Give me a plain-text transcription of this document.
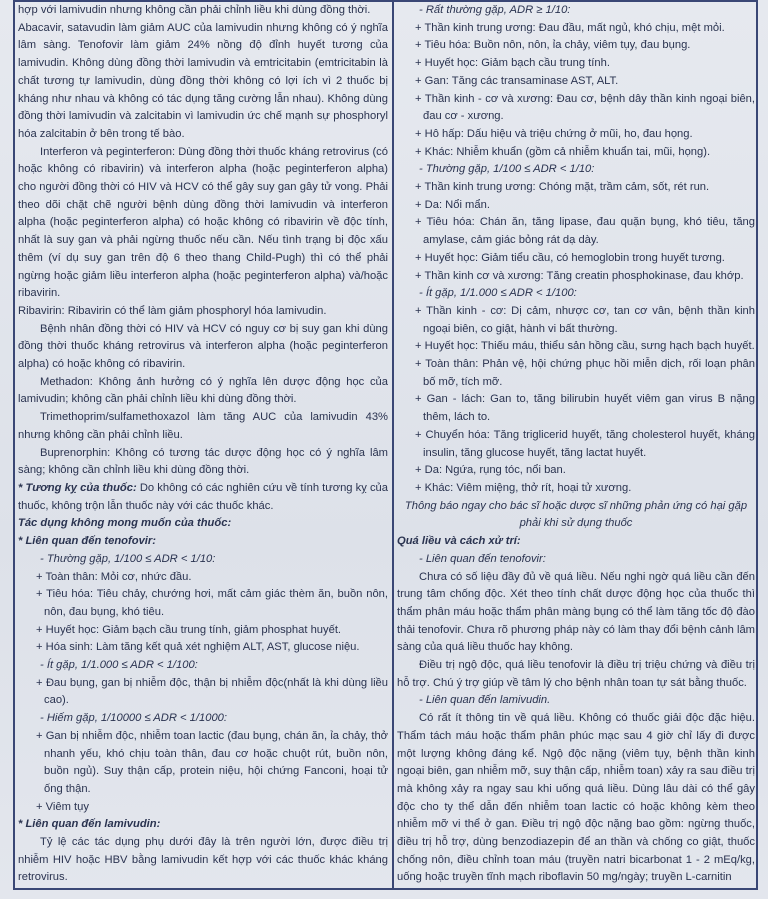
hợp với lamivudin nhưng không cần phải chỉnh liều khi dùng đồng thời.

Abacavir, satavudin làm giảm AUC của lamivudin nhưng không có ý nghĩa lâm sàng. Tenofovir làm giảm 24% nồng độ đỉnh huyết tương của lamivudin. Không dùng đồng thời lamivudin và emtricitabin (emtricitabin là chất tương tự lamivudin, dùng đồng thời không có lợi ích vì 2 thuốc bị kháng như nhau và không có tác dụng tăng cường lẫn nhau). Không dùng đồng thời lamivudin và zalcitabin vì lamivudin ức chế mạnh sự phosphoryl hóa zalcitabin ở bên trong tế bào.

Interferon và peginterferon: Dùng đồng thời thuốc kháng retrovirus (có hoặc không có ribavirin) và interferon alpha (hoặc peginterferon alpha) cho người đồng thời có HIV và HCV có thể gây suy gan gây tử vong. Phải theo dõi chặt chẽ người bệnh dùng đồng thời lamivudin và interferon alpha (hoặc peginterferon alpha) có hoặc không có ribavirin về độc tính, nhất là suy gan và phải ngừng thuốc nếu cần. Nếu tình trạng bị độc xấu thêm (ví dụ suy gan trên độ 6 theo thang Child-Pugh) thì có thể phải ngừng hoặc giảm liều interferon alpha (hoặc peginterferon alpha) và/hoặc ribavirin.

Ribavirin: Ribavirin có thể làm giảm phosphoryl hóa lamivudin.

Bệnh nhân đồng thời có HIV và HCV có nguy cơ bị suy gan khi dùng đồng thời thuốc kháng retrovirus và interferon alpha (hoặc peginterferon alpha) có hoặc không có ribavirin.

Methadon: Không ảnh hưởng có ý nghĩa lên dược động học của lamivudin; không cần phải chỉnh liều khi dùng đồng thời.

Trimethoprim/sulfamethoxazol làm tăng AUC của lamivudin 43% nhưng không cần phải chỉnh liều.

Buprenorphin: Không có tương tác dược động học có ý nghĩa lâm sàng; không cần chỉnh liều khi dùng đồng thời.

* Tương kỵ của thuốc: Do không có các nghiên cứu về tính tương kỵ của thuốc, không trộn lẫn thuốc này với các thuốc khác.

Tác dụng không mong muốn của thuốc:

* Liên quan đến tenofovir:

- Thường gặp, 1/100 ≤ ADR < 1/10:

+ Toàn thân: Mỏi cơ, nhức đầu.

+ Tiêu hóa: Tiêu chảy, chướng hơi, mất cảm giác thèm ăn, buồn nôn, nôn, đau bụng, khó tiêu.

+ Huyết học: Giảm bạch cầu trung tính, giảm phosphat huyết.

+ Hóa sinh: Làm tăng kết quả xét nghiệm ALT, AST, glucose niệu.

- Ít gặp, 1/1.000 ≤ ADR < 1/100:

+ Đau bụng, gan bị nhiễm độc, thận bị nhiễm độc(nhất là khi dùng liều cao).

- Hiếm gặp, 1/10000 ≤ ADR < 1/1000:

+ Gan bị nhiễm độc, nhiễm toan lactic (đau bụng, chán ăn, ỉa chảy, thở nhanh yếu, khó chịu toàn thân, đau cơ hoặc chuột rút, buồn nôn, buồn ngủ). Suy thận cấp, protein niệu, hội chứng Fanconi, hoại tử ống thận.

+ Viêm tụy

* Liên quan đến lamivudin:

Tỷ lệ các tác dụng phụ dưới đây là trên người lớn, được điều trị nhiễm HIV hoặc HBV bằng lamivudin kết hợp với các thuốc khác kháng retrovirus.

- Rất thường gặp, ADR ≥ 1/10:

+ Thần kinh trung ương: Đau đầu, mất ngủ, khó chịu, mệt mỏi.

+ Tiêu hóa: Buồn nôn, nôn, ỉa chảy, viêm tụy, đau bụng.

+ Huyết học: Giảm bạch cầu trung tính.

+ Gan: Tăng các transaminase AST, ALT.

+ Thần kinh - cơ và xương: Đau cơ, bệnh dây thần kinh ngoại biên, đau cơ - xương.

+ Hô hấp: Dấu hiệu và triệu chứng ở mũi, ho, đau họng.

+ Khác: Nhiễm khuẩn (gồm cả nhiễm khuẩn tai, mũi, họng).

- Thường gặp, 1/100 ≤ ADR < 1/10:

+ Thần kinh trung ương: Chóng mặt, trầm cảm, sốt, rét run.

+ Da: Nổi mẩn.

+ Tiêu hóa: Chán ăn, tăng lipase, đau quặn bụng, khó tiêu, tăng amylase, cảm giác bỏng rát dạ dày.

+ Huyết học: Giảm tiểu cầu, có hemoglobin trong huyết tương.

+ Thần kinh cơ và xương: Tăng creatin phosphokinase, đau khớp.

- Ít gặp, 1/1.000 ≤ ADR < 1/100:

+ Thần kinh - cơ: Dị cảm, nhược cơ, tan cơ vân, bệnh thần kinh ngoại biên, co giật, hành vi bất thường.

+ Huyết học: Thiếu máu, thiểu sản hồng cầu, sưng hạch bạch huyết.

+ Toàn thân: Phản vệ, hội chứng phục hồi miễn dịch, rối loạn phân bố mỡ, tích mỡ.

+ Gan - lách: Gan to, tăng bilirubin huyết viêm gan virus B nặng thêm, lách to.

+ Chuyển hóa: Tăng triglicerid huyết, tăng cholesterol huyết, kháng insulin, tăng glucose huyết, tăng lactat huyết.

+ Da: Ngứa, rụng tóc, nổi ban.

+ Khác: Viêm miệng, thở rít, hoại tử xương.

Thông báo ngay cho bác sĩ hoặc dược sĩ những phản ứng có hại gặp phải khi sử dụng thuốc

Quá liều và cách xử trí:

- Liên quan đến tenofovir:

Chưa có số liệu đầy đủ về quá liều. Nếu nghi ngờ quá liều cần đến trung tâm chống độc. Xét theo tính chất dược động học của thuốc thì thẩm phân máu hoặc thẩm phân màng bụng có thể làm tăng tốc độ đào thải tenofovir. Chưa rõ phương pháp này có làm thay đổi bệnh cảnh lâm sàng của quá liều thuốc hay không.

Điều trị ngộ độc, quá liều tenofovir là điều trị triệu chứng và điều trị hỗ trợ. Chú ý trợ giúp về tâm lý cho bệnh nhân toan tự sát bằng thuốc.

- Liên quan đến lamivudin.

Có rất ít thông tin về quá liều. Không có thuốc giải độc đặc hiệu. Thẩm tách máu hoặc thẩm phân phúc mạc sau 4 giờ chỉ lấy đi được một lượng không đáng kể. Ngộ độc nặng (viêm tụy, bệnh thần kinh ngoại biên, gan nhiễm mỡ, suy thận cấp, nhiễm toan) xảy ra sau điều trị mà không xảy ra ngay sau khi uống quá liều. Dùng lâu dài có thể gây độc cho ty thể dẫn đến nhiễm toan lactic có hoặc không kèm theo nhiễm mỡ vi thể ở gan. Điều trị ngộ độc nặng bao gồm: ngừng thuốc, điều trị hỗ trợ, dùng benzodiazepin để an thần và chống co giật, thuốc chống nôn, điều chỉnh toan máu (truyền natri bicarbonat 1 - 2 mEq/kg, uống hoặc truyền tĩnh mạch riboflavin 50 mg/ngày; truyền L-carnitin
